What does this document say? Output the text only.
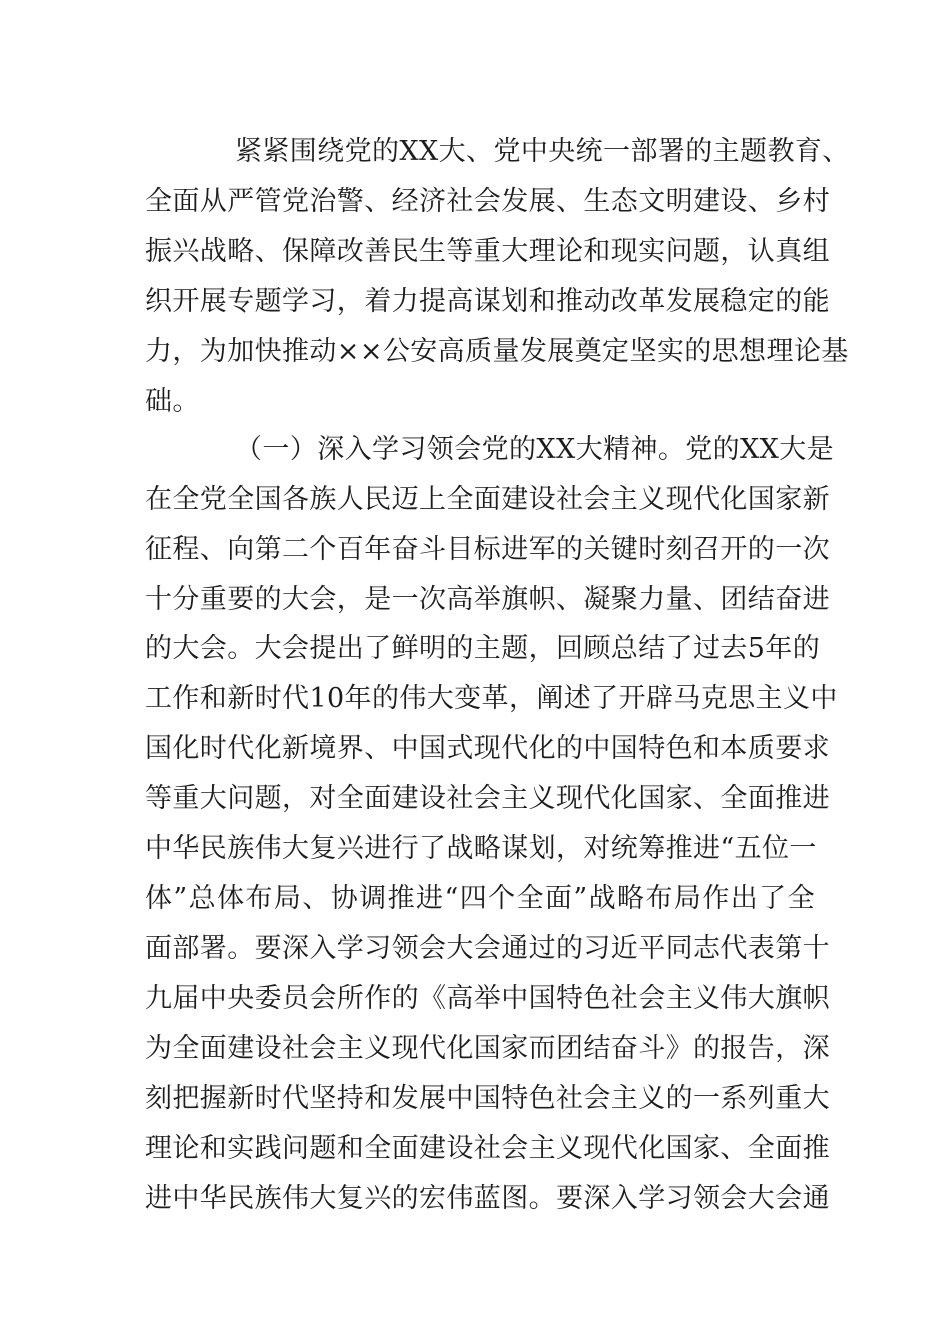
紧紧围绕党的XX大、党中央统一部署的主题教育、
全面从严管党治警、经济社会发展、生态文明建设、乡村
振兴战略、保障改善民生等重大理论和现实问题，认真组
织开展专题学习，着力提高谋划和推动改革发展稳定的能
力，为加快推动××公安高质量发展奠定坚实的思想理论基
础。
（一）深入学习领会党的XX大精神。党的XX大是
在全党全国各族人民迈上全面建设社会主义现代化国家新
征程、向第二个百年奋斗目标进军的关键时刻召开的一次
十分重要的大会，是一次高举旗帜、凝聚力量、团结奋进
的大会。大会提出了鲜明的主题，回顾总结了过去5年的
工作和新时代10年的伟大变革，阐述了开辟马克思主义中
国化时代化新境界、中国式现代化的中国特色和本质要求
等重大问题，对全面建设社会主义现代化国家、全面推进
中华民族伟大复兴进行了战略谋划，对统筹推进“五位一
体”总体布局、协调推进“四个全面”战略布局作出了全
面部署。要深入学习领会大会通过的习近平同志代表第十
九届中央委员会所作的《高举中国特色社会主义伟大旗帜
为全面建设社会主义现代化国家而团结奋斗》的报告，深
刻把握新时代坚持和发展中国特色社会主义的一系列重大
理论和实践问题和全面建设社会主义现代化国家、全面推
进中华民族伟大复兴的宏伟蓝图。要深入学习领会大会通
